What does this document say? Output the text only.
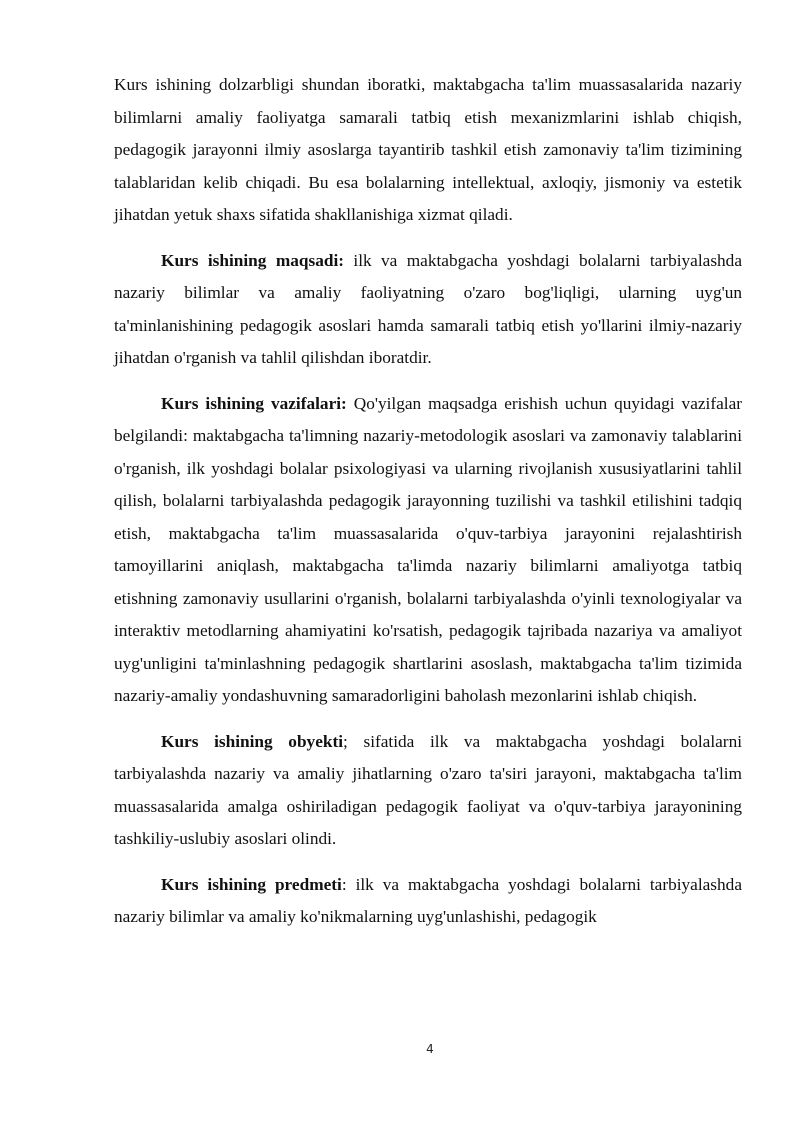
Kurs ishining dolzarbligi shundan iboratki, maktabgacha ta'lim muassasalarida nazariy bilimlarni amaliy faoliyatga samarali tatbiq etish mexanizmlarini ishlab chiqish, pedagogik jarayonni ilmiy asoslarga tayantirib tashkil etish zamonaviy ta'lim tizimining talablaridan kelib chiqadi. Bu esa bolalarning intellektual, axloqiy, jismoniy va estetik jihatdan yetuk shaxs sifatida shakllanishiga xizmat qiladi.

Kurs ishining maqsadi: ilk va maktabgacha yoshdagi bolalarni tarbiyalashda nazariy bilimlar va amaliy faoliyatning o'zaro bog'liqligi, ularning uyg'un ta'minlanishining pedagogik asoslari hamda samarali tatbiq etish yo'llarini ilmiy-nazariy jihatdan o'rganish va tahlil qilishdan iboratdir.

Kurs ishining vazifalari: Qo'yilgan maqsadga erishish uchun quyidagi vazifalar belgilandi: maktabgacha ta'limning nazariy-metodologik asoslari va zamonaviy talablarini o'rganish, ilk yoshdagi bolalar psixologiyasi va ularning rivojlanish xususiyatlarini tahlil qilish, bolalarni tarbiyalashda pedagogik jarayonning tuzilishi va tashkil etilishini tadqiq etish, maktabgacha ta'lim muassasalarida o'quv-tarbiya jarayonini rejalashtirish tamoyillarini aniqlash, maktabgacha ta'limda nazariy bilimlarni amaliyotga tatbiq etishning zamonaviy usullarini o'rganish, bolalarni tarbiyalashda o'yinli texnologiyalar va interaktiv metodlarning ahamiyatini ko'rsatish, pedagogik tajribada nazariya va amaliyot uyg'unligini ta'minlashning pedagogik shartlarini asoslash, maktabgacha ta'lim tizimida nazariy-amaliy yondashuvning samaradorligini baholash mezonlarini ishlab chiqish.

Kurs ishining obyekti; sifatida ilk va maktabgacha yoshdagi bolalarni tarbiyalashda nazariy va amaliy jihatlarning o'zaro ta'siri jarayoni, maktabgacha ta'lim muassasalarida amalga oshiriladigan pedagogik faoliyat va o'quv-tarbiya jarayonining tashkiliy-uslubiy asoslari olindi.

Kurs ishining predmeti: ilk va maktabgacha yoshdagi bolalarni tarbiyalashda nazariy bilimlar va amaliy ko'nikmalarning uyg'unlashishi, pedagogik

4
